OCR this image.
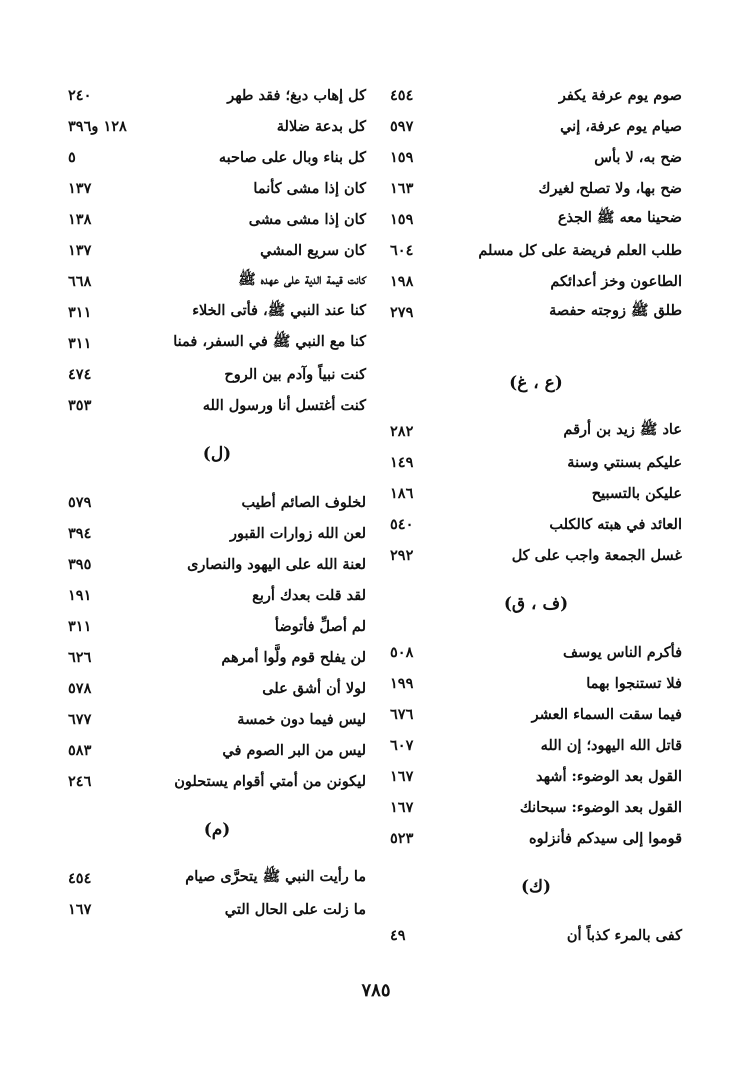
صوم يوم عرفة يكفر
٤٥٤
صيام يوم عرفة، إني
٥٩٧
ضح به، لا بأس
١٥٩
ضح بها، ولا تصلح لغيرك
١٦٣
ضحينا معه ﷺ الجذع
١٥٩
طلب العلم فريضة على كل مسلم
٦٠٤
الطاعون وخز أعدائكم
١٩٨
طلق ﷺ زوجته حفصة
٢٧٩
(ع ، غ)
عاد ﷺ زيد بن أرقم
٢٨٢
عليكم بسنتي وسنة
١٤٩
عليكن بالتسبيح
١٨٦
العائد في هبته كالكلب
٥٤٠
غسل الجمعة واجب على كل
٢٩٢
(ف ، ق)
فأكرم الناس يوسف
٥٠٨
فلا تستنجوا بهما
١٩٩
فيما سقت السماء العشر
٦٧٦
قاتل الله اليهود؛ إن الله
٦٠٧
القول بعد الوضوء: أشهد
١٦٧
القول بعد الوضوء: سبحانك
١٦٧
قوموا إلى سيدكم فأنزلوه
٥٢٣
(ك)
كفى بالمرء كذباً أن
٤٩
كل إهاب دبغ؛ فقد طهر
٢٤٠
كل بدعة ضلالة
١٢٨ و٣٩٦
كل بناء وبال على صاحبه
٥
كان إذا مشى كأنما
١٣٧
كان إذا مشى مشى
١٣٨
كان سريع المشي
١٣٧
كانت قيمة الدية على عهده ﷺ
٦٦٨
كنا عند النبي ﷺ، فأتى الخلاء
٣١١
كنا مع النبي ﷺ في السفر، فمنا
٣١١
كنت نبياً وآدم بين الروح
٤٧٤
كنت أغتسل أنا ورسول الله
٣٥٣
(ل)
لخلوف الصائم أطيب
٥٧٩
لعن الله زوارات القبور
٣٩٤
لعنة الله على اليهود والنصارى
٣٩٥
لقد قلت بعدك أربع
١٩١
لم أصلِّ فأتوضأ
٣١١
لن يفلح قوم ولَّوا أمرهم
٦٢٦
لولا أن أشق على
٥٧٨
ليس فيما دون خمسة
٦٧٧
ليس من البر الصوم في
٥٨٣
ليكونن من أمتي أقوام يستحلون
٢٤٦
(م)
ما رأيت النبي ﷺ يتحرَّى صيام
٤٥٤
ما زلت على الحال التي
١٦٧
٧٨٥
